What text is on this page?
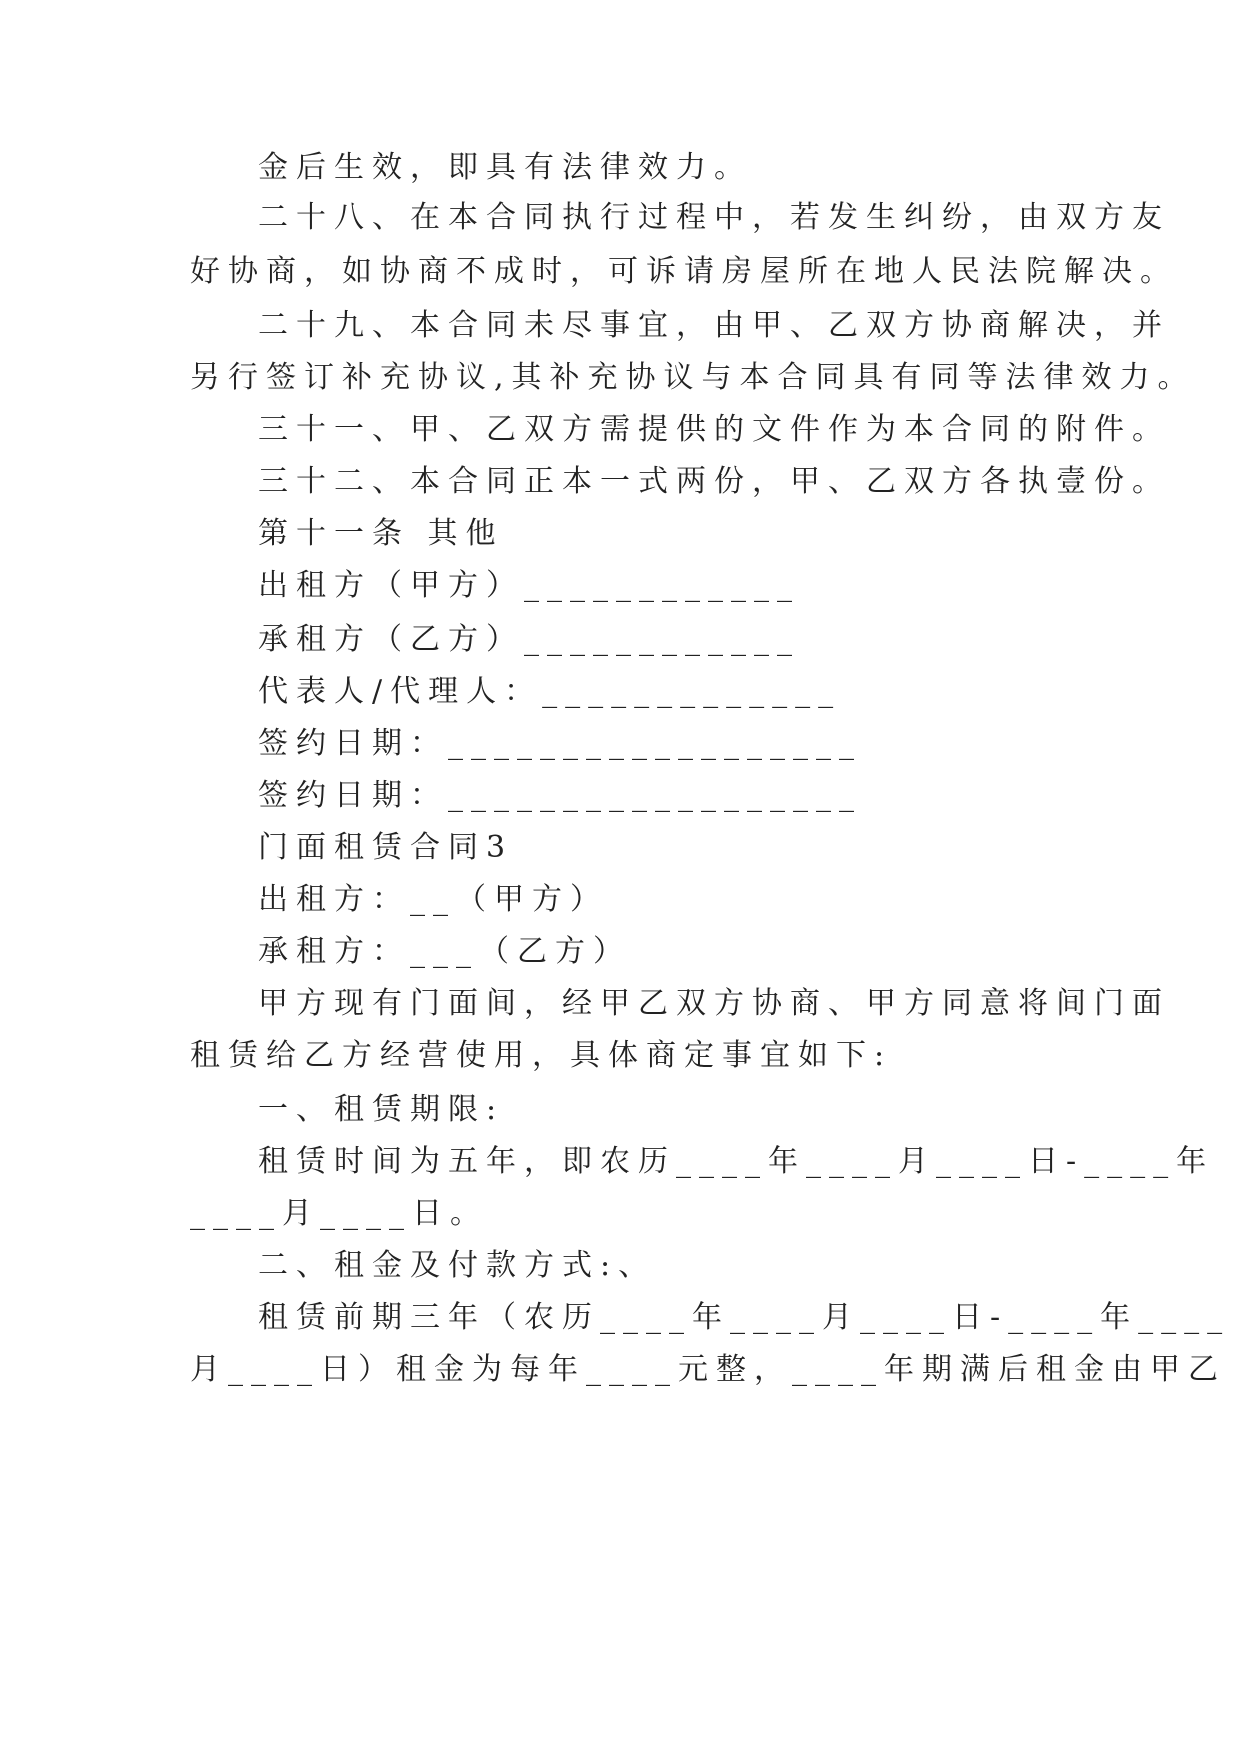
金后生效，即具有法律效力。
二十八、在本合同执行过程中，若发生纠纷，由双方友
好协商，如协商不成时，可诉请房屋所在地人民法院解决。
二十九、本合同未尽事宜，由甲、乙双方协商解决，并
另行签订补充协议,其补充协议与本合同具有同等法律效力。
三十一、甲、乙双方需提供的文件作为本合同的附件。
三十二、本合同正本一式两份，甲、乙双方各执壹份。
第十一条 其他
出租方（甲方）____________
承租方（乙方）____________
代表人/代理人：_____________
签约日期：__________________
签约日期：__________________
门面租赁合同3
出租方：__（甲方）
承租方：___（乙方）
甲方现有门面间，经甲乙双方协商、甲方同意将间门面
租赁给乙方经营使用，具体商定事宜如下:
一、租赁期限:
租赁时间为五年，即农历____年____月____日-____年
____月____日。
二、租金及付款方式:、
租赁前期三年（农历____年____月____日-____年____
月____日）租金为每年____元整，____年期满后租金由甲乙
